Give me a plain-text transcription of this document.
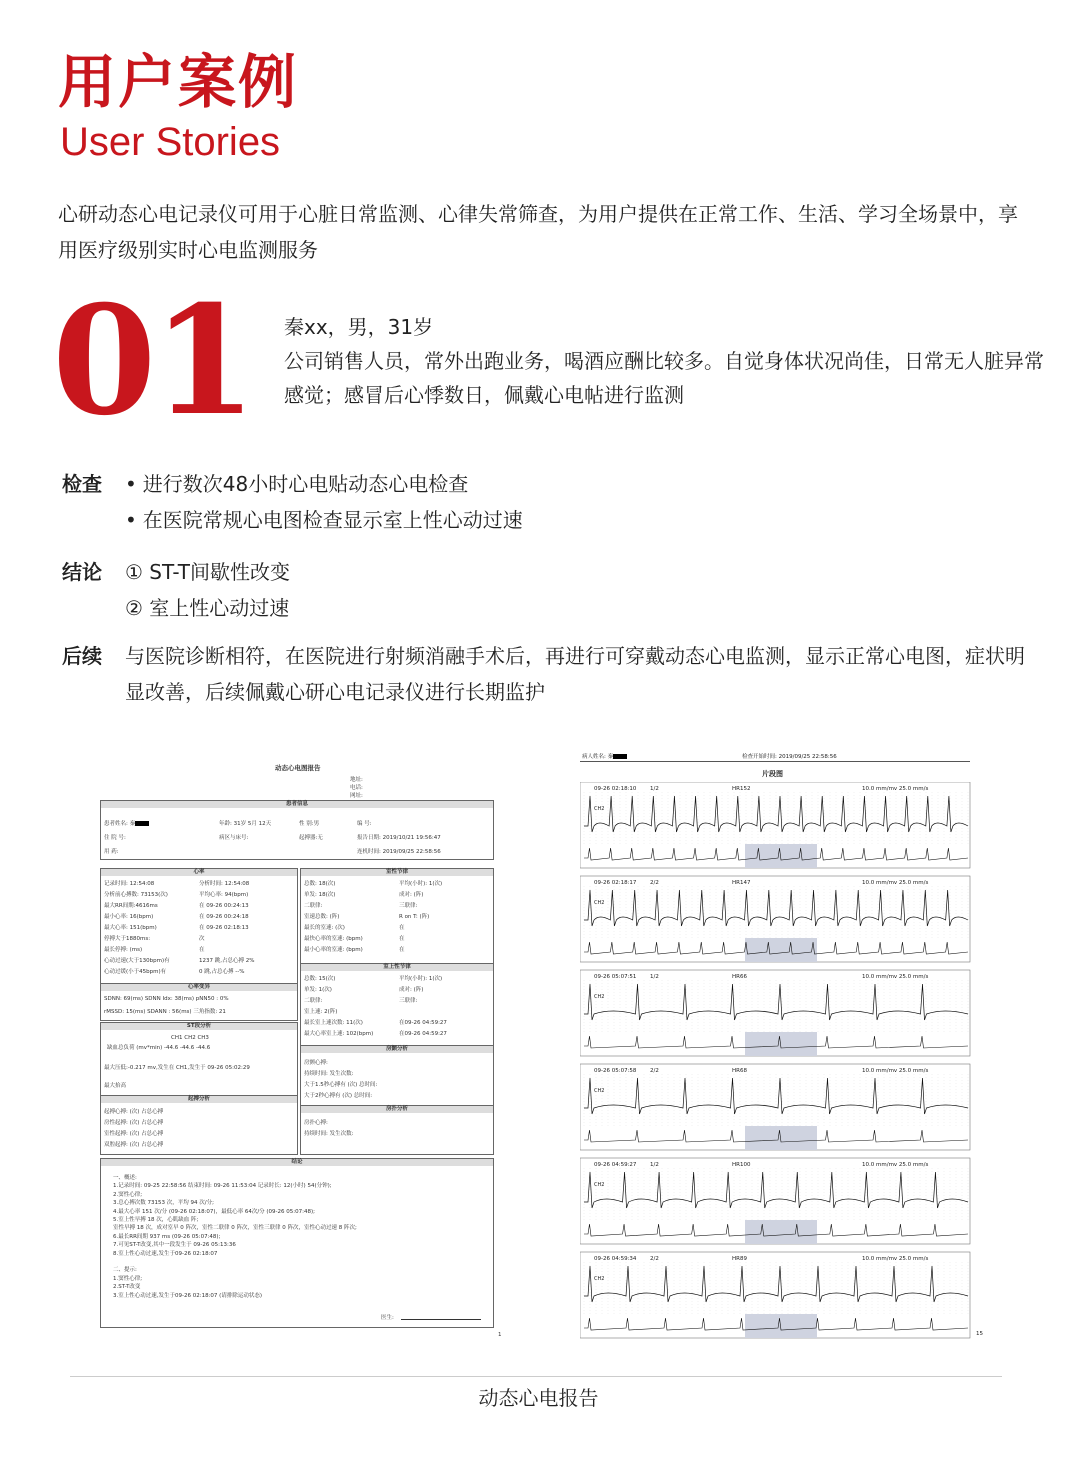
用户案例
User Stories
心研动态心电记录仪可用于心脏日常监测、心律失常筛查，为用户提供在正常工作、生活、学习全场景中，享用医疗级别实时心电监测服务
01 秦xx，男，31岁
公司销售人员，常外出跑业务，喝酒应酬比较多。自觉身体状况尚佳，日常无人脏异常感觉；感冒后心悸数日，佩戴心电帖进行监测
检查
•	进行数次48小时心电贴动态心电检查
• 在医院常规心电图检查显示室上性心动过速
结论	① ST-T间歇性改变
② 室上性心动过速
后续	与医院诊断相符，在医院进行射频消融手术后，再进行可穿戴动态心电监测，显示正常心电图，症状明显改善，后续佩戴心研心电记录仪进行长期监护
动态心电图报告
地址:
电话:
网址:
患者信息
患者姓名: 秦	年龄: 31岁 5月 12天	性 别:男	编 号:
住 院 号:	病区与床号:	起搏器:无	报告日期: 2019/10/21 19:56:47
用 药:	连机时间: 2019/09/25 22:58:56
心率
记录时间: 12:54:08
分析前心搏数: 73153(次)
最大RR间期:4616ms
最小心率: 16(bpm)
最大心率: 151(bpm)
停搏大于1880ms:
最长停搏: (ms)
心动过速(大于130bpm)有
心动过缓(小于45bpm)有
分析时间: 12:54:08
平均心率: 94(bpm)
在 09-26 00:24:13
在 09-26 00:24:18
在 09-26 02:18:13
次
在
1237 跳,占总心搏 2%
0 跳,占总心搏 --%
心率变异
SDNN: 69(ms) SDNN Idx: 38(ms) pNN50 : 0%
rMSSD: 15(ms) SDANN : 56(ms) 三角指数: 21
ST段分析
CH1 CH2 CH3
缺血总负荷 (mv*min) -44.6 -44.6 -44.6
最大压低:-0.217 mv,发生在 CH1,发生于 09-26 05:02:29
最大抬高
起搏分析
起搏心搏: (次) 占总心搏
房性起搏: (次) 占总心搏
室性起搏: (次) 占总心搏
双腔起搏: (次) 占总心搏
室性节律
总数: 18(次)
单发: 18(次)
二联律:
室速总数: (阵)
最长的室速: (次)
最快心率的室速: (bpm)
最小心率的室速: (bpm)
平均(小时): 1(次)
成对: (阵)
三联律:
R on T: (阵)
在
在
在
室上性节律
总数: 15(次)
单发: 1(次)
二联律:
室上速: 2(阵)
最长室上速次数: 11(次)
最大心率室上速: 102(bpm)
平均(小时): 1(次)
成对: (阵)
三联律:
在09-26 04:59:27
在09-26 04:59:27
房颤分析
房颤心搏:
持续时间: 发生次数:
大于1.5秒心搏有 (次) 总时间:
大于2秒心搏有 (次) 总时间:
房扑分析
房扑心搏:
持续时间: 发生次数:
结论
一、概述:
1.记录时间: 09-25 22:58:56 结束时间: 09-26 11:53:04 记录时长: 12(小时) 54(分钟);
2.窦性心律;
3.总心搏次数 73153 次，平均 94 次/分;
4.最大心率 151 次/分 (09-26 02:18:07)，最低心率 64次/分 (09-26 05:07:48);
5.室上性早搏 18 次，心肌缺血 阵;
室性早搏 18 次，成对室早 0 阵次，室性二联律 0 阵次，室性三联律 0 阵次，室性心动过速 8 阵次;
6.最长RR间期 937 ms (09-26 05:07:48);
7.可见ST-T改变,其中一段发生于 09-26 05:13:36
8.室上性心动过速,发生于09-26 02:18:07
二、提示:
1.窦性心律;
2.ST-T改变
3.室上性心动过速,发生于09-26 02:18:07 (请排除运动状态)
医生:
1
病人姓名: 秦	检查开始时间: 2019/09/25 22:58:56
片段图
09-26 02:18:10 1/2	HR152	10.0 mm/mv 25.0 mm/s
CH2
09-26 02:18:17 2/2	HR147	10.0 mm/mv 25.0 mm/s
CH2
09-26 05:07:51 1/2	HR66	10.0 mm/mv 25.0 mm/s
CH2
09-26 05:07:58 2/2	HR68	10.0 mm/mv 25.0 mm/s
CH2
09-26 04:59:27 1/2	HR100	10.0 mm/mv 25.0 mm/s
CH2
09-26 04:59:34 2/2	HR89	10.0 mm/mv 25.0 mm/s
CH2
15
动态心电报告
